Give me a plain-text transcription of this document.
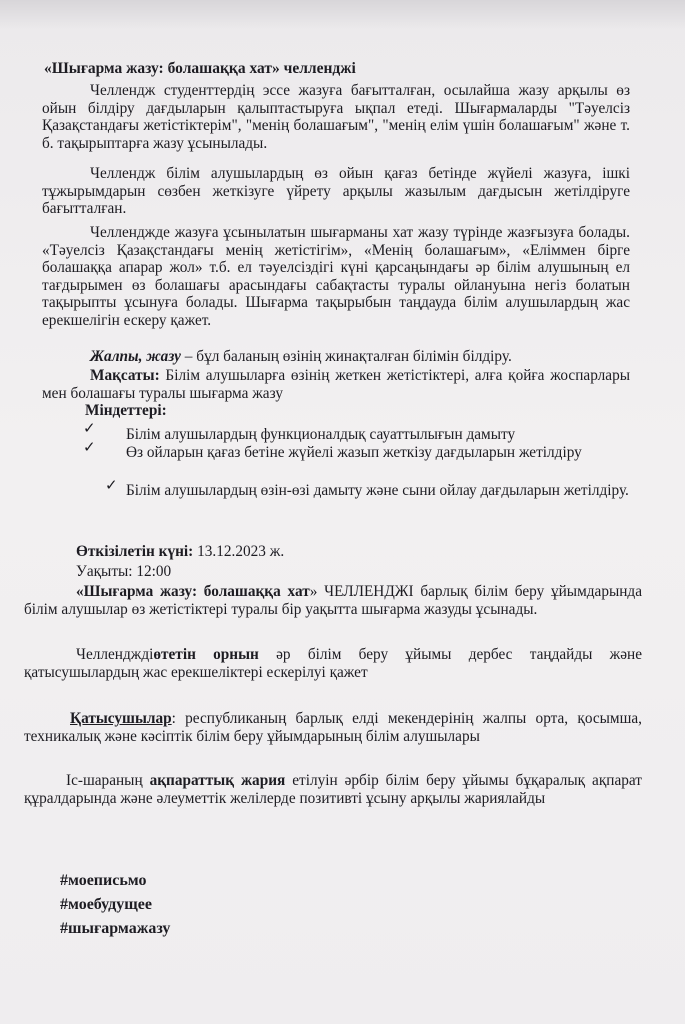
«Шығарма жазу: болашаққа хат» челленджі
Челлендж студенттердің эссе жазуға бағытталған, осылайша жазу арқылы өз ойын білдіру дағдыларын қалыптастыруға ықпал етеді. Шығармаларды "Тәуелсіз Қазақстандағы жетістіктерім", "менің болашағым", "менің елім үшін болашағым" және т. б. тақырыптарға жазу ұсынылады.
Челлендж білім алушылардың өз ойын қағаз бетінде жүйелі жазуға, ішкі тұжырымдарын сөзбен жеткізуге үйрету арқылы жазылым дағдысын жетілдіруге бағытталған.
Челленджде жазуға ұсынылатын шығарманы хат жазу түрінде жазғызуға болады. «Тәуелсіз Қазақстандағы менің жетістігім», «Менің болашағым», «Еліммен бірге болашаққа апарар жол» т.б. ел тәуелсіздігі күні қарсаңындағы әр білім алушының ел тағдырымен өз болашағы арасындағы сабақтасты туралы ойлануына негіз болатын тақырыпты ұсынуға болады. Шығарма тақырыбын таңдауда білім алушылардың жас ерекшелігін ескеру қажет.
Жалпы, жазу – бұл баланың өзінің жинақталған білімін білдіру.
Мақсаты: Білім алушыларға өзінің жеткен жетістіктері, алға қойға жоспарлары мен болашағы туралы шығарма жазу
Міндеттері:
✓ Білім алушылардың функционалдық сауаттылығын дамыту
✓	Өз ойларын қағаз бетіне жүйелі жазып жеткізу дағдыларын жетілдіру
✓ Білім алушылардың өзін-өзі дамыту және сыни ойлау дағдыларын жетілдіру.
Өткізілетін күні: 13.12.2023 ж.
Уақыты: 12:00
«Шығарма жазу: болашаққа хат» ЧЕЛЛЕНДЖІ барлық білім беру ұйымдарында білім алушылар өз жетістіктері туралы бір уақытта шығарма жазуды ұсынады.
Челлендждіөтетін орнын әр білім беру ұйымы дербес таңдайды және қатысушылардың жас ерекшеліктері ескерілуі қажет
Қатысушылар: республиканың барлық елді мекендерінің жалпы орта, қосымша, техникалық және кәсіптік білім беру ұйымдарының білім алушылары
Іс-шараның ақпараттық жария етілуін әрбір білім беру ұйымы бұқаралық ақпарат құралдарында және әлеуметтік желілерде позитивті ұсыну арқылы жариялайды
#моеписьмо
#моебудущее
#шығармажазу
